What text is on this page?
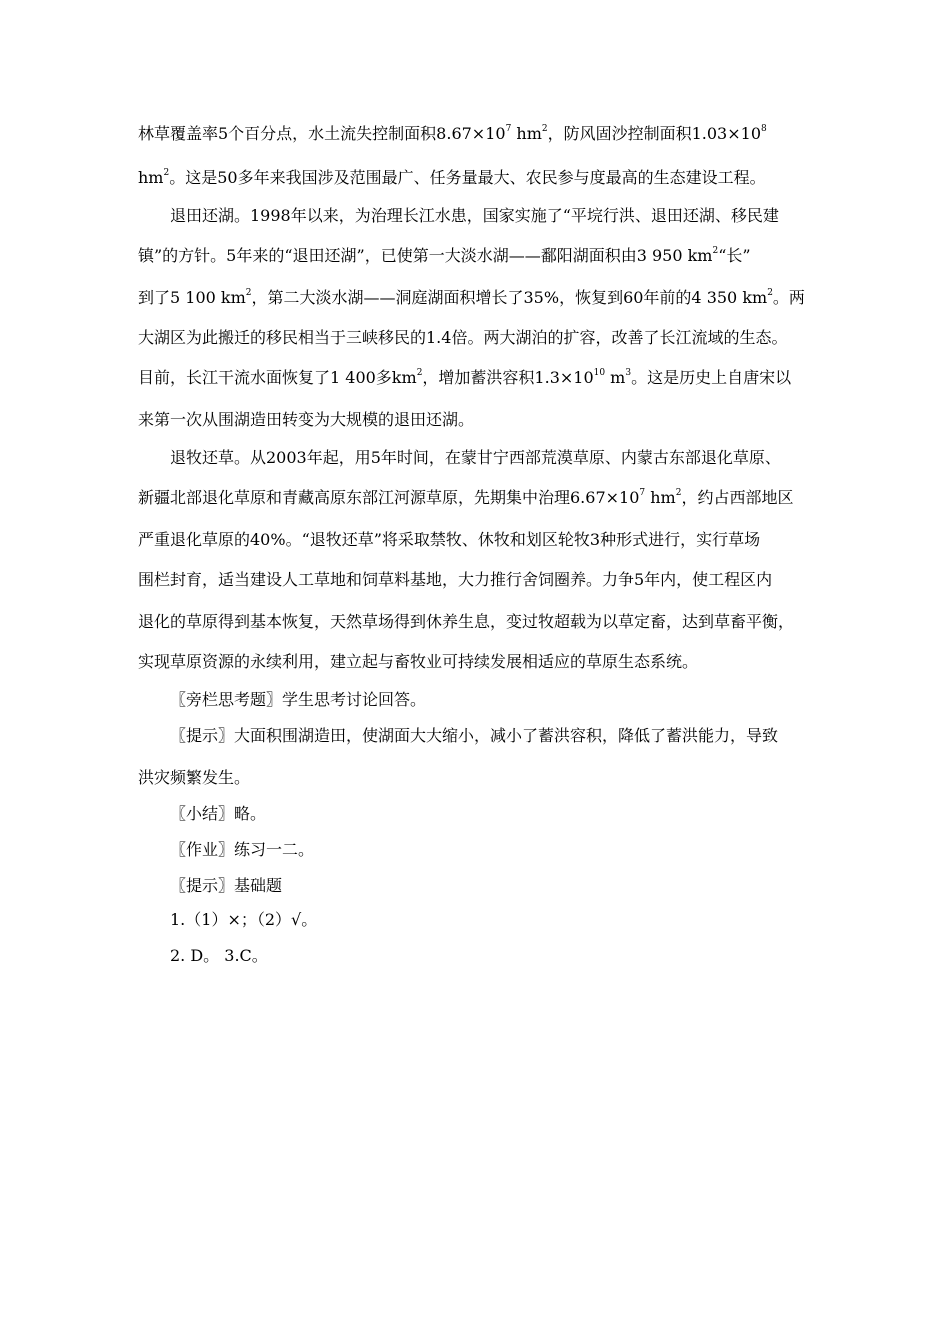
林草覆盖率5个百分点，水土流失控制面积$8.67\times 10^7$ $hm^2$，防风固沙控制面积$1.03\times 10^8$

$hm^2$。这是50多年来我国涉及范围最广、任务量最大、农民参与度最高的生态建设工程。

退田还湖。1998年以来，为治理长江水患，国家实施了“平垸行洪、退田还湖、移民建

镇”的方针。5年来的“退田还湖”，已使第一大淡水湖——鄱阳湖面积由3 950 $km^2“$长”

到了5 100 $km^2$，第二大淡水湖——洞庭湖面积增长了35%，恢复到60年前的4 350 $km^2$。两

大湖区为此搬迁的移民相当于三峡移民的1.4倍。两大湖泊的扩容，改善了长江流域的生态。

目前，长江干流水面恢复了1 400多$km^2$，增加蓄洪容积$1.3\times 10^{10}$ $m^3$。这是历史上自唐宋以

来第一次从围湖造田转变为大规模的退田还湖。

退牧还草。从2003年起，用5年时间，在蒙甘宁西部荒漠草原、内蒙古东部退化草原、

新疆北部退化草原和青藏高原东部江河源草原，先期集中治理$6.67\times 10^7$ $hm^2$，约占西部地区

严重退化草原的40%。“退牧还草”将采取禁牧、休牧和划区轮牧3种形式进行，实行草场

围栏封育，适当建设人工草地和饲草料基地，大力推行舍饲圈养。力争5年内，使工程区内

退化的草原得到基本恢复，天然草场得到休养生息，变过牧超载为以草定畜，达到草畜平衡，

实现草原资源的永续利用，建立起与畜牧业可持续发展相适应的草原生态系统。

〖旁栏思考题〗学生思考讨论回答。

〖提示〗大面积围湖造田，使湖面大大缩小，减小了蓄洪容积，降低了蓄洪能力，导致

洪灾频繁发生。

〖小结〗略。

〖作业〗练习一二。

〖提示〗基础题

1.（1）×；（2）√。

2. D。 3.C。
